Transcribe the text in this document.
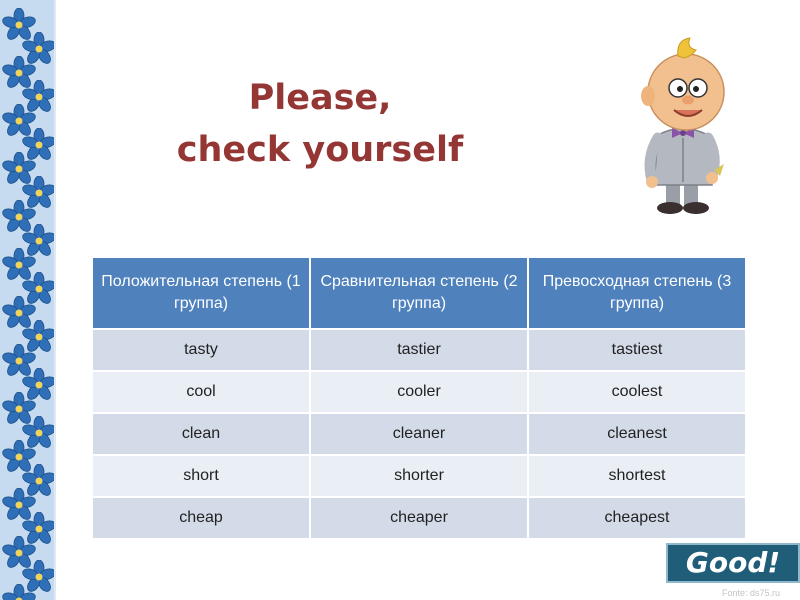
Please,
check yourself
Положительная степень (1 группа)	Сравнительная степень (2 группа)	Превосходная степень (3 группа)
tasty	tastier	tastiest
cool	cooler	coolest
clean	cleaner	cleanest
short	shorter	shortest
cheap	cheaper	cheapest
Good!
Fonte: ds75.ru
